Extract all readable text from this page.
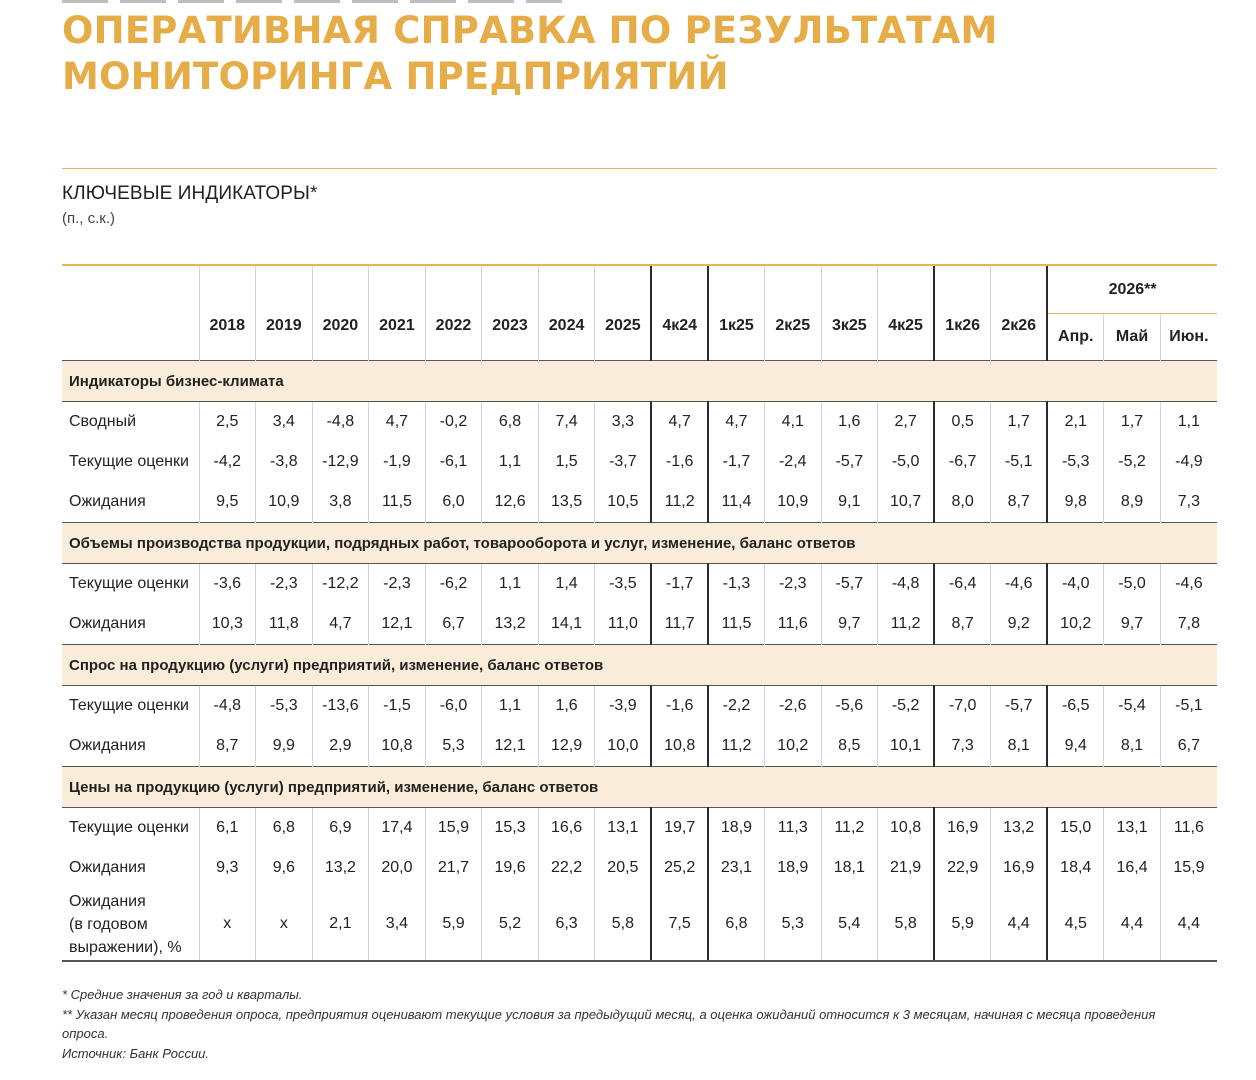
ОПЕРАТИВНАЯ СПРАВКА ПО РЕЗУЛЬТАТАМ
МОНИТОРИНГА ПРЕДПРИЯТИЙ
КЛЮЧЕВЫЕ ИНДИКАТОРЫ*
(п., с.к.)
	2018	2019	2020	2021	2022	2023	2024	2025	4к24	1к25	2к25	3к25	4к25	1к26	2к26	2026**		
																Апр.	Май	Июн.
Индикаторы бизнес-климата																		
Сводный	2,5	3,4	-4,8	4,7	-0,2	6,8	7,4	3,3	4,7	4,7	4,1	1,6	2,7	0,5	1,7	2,1	1,7	1,1
Текущие оценки	-4,2	-3,8	-12,9	-1,9	-6,1	1,1	1,5	-3,7	-1,6	-1,7	-2,4	-5,7	-5,0	-6,7	-5,1	-5,3	-5,2	-4,9
Ожидания	9,5	10,9	3,8	11,5	6,0	12,6	13,5	10,5	11,2	11,4	10,9	9,1	10,7	8,0	8,7	9,8	8,9	7,3
Объемы производства продукции, подрядных работ, товарооборота и услуг, изменение, баланс ответов																		
Текущие оценки	-3,6	-2,3	-12,2	-2,3	-6,2	1,1	1,4	-3,5	-1,7	-1,3	-2,3	-5,7	-4,8	-6,4	-4,6	-4,0	-5,0	-4,6
Ожидания	10,3	11,8	4,7	12,1	6,7	13,2	14,1	11,0	11,7	11,5	11,6	9,7	11,2	8,7	9,2	10,2	9,7	7,8
Спрос на продукцию (услуги) предприятий, изменение, баланс ответов																		
Текущие оценки	-4,8	-5,3	-13,6	-1,5	-6,0	1,1	1,6	-3,9	-1,6	-2,2	-2,6	-5,6	-5,2	-7,0	-5,7	-6,5	-5,4	-5,1
Ожидания	8,7	9,9	2,9	10,8	5,3	12,1	12,9	10,0	10,8	11,2	10,2	8,5	10,1	7,3	8,1	9,4	8,1	6,7
Цены на продукцию (услуги) предприятий, изменение, баланс ответов																		
Текущие оценки	6,1	6,8	6,9	17,4	15,9	15,3	16,6	13,1	19,7	18,9	11,3	11,2	10,8	16,9	13,2	15,0	13,1	11,6
Ожидания	9,3	9,6	13,2	20,0	21,7	19,6	22,2	20,5	25,2	23,1	18,9	18,1	21,9	22,9	16,9	18,4	16,4	15,9
Ожидания
(в годовом
выражении), %	x	x	2,1	3,4	5,9	5,2	6,3	5,8	7,5	6,8	5,3	5,4	5,8	5,9	4,4	4,5	4,4	4,4

* Средние значения за год и кварталы.

** Указан месяц проведения опроса, предприятия оценивают текущие условия за предыдущий месяц, а оценка ожиданий относится к 3 месяцам, начиная с месяца проведения опроса.

Источник: Банк России.
